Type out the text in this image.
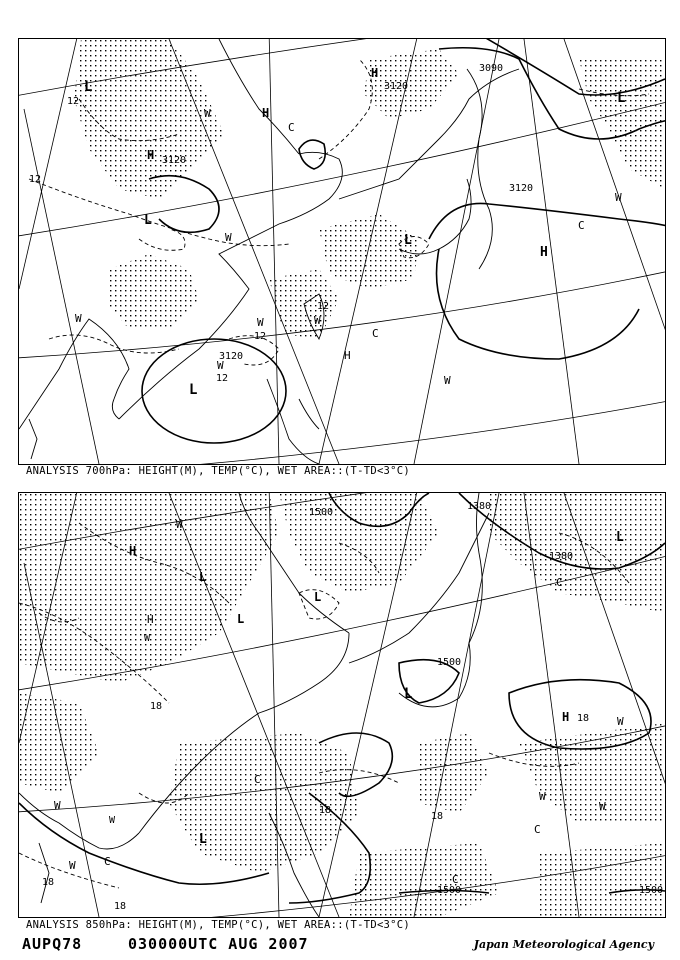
L
12
12
H 3120
W	H
C
H
3120
3120
3090
L
W
H
C
L
L
W
W	W
12
12
W
C
H
3120
W
12
L
W
ANALYSIS 700hPa: HEIGHT(M), TEMP(°C), WET AREA::(T-TD<3°C)
1500
1380
1380
L
C
W
H
L
L
H
W
L
L
1500
H 18	W
18
W
W
C
18
W
L
18
18
W
W
C
C
1500	1500
C
18
ANALYSIS 850hPa: HEIGHT(M), TEMP(°C), WET AREA::(T-TD<3°C)
AUPQ78	030000UTC AUG 2007	Japan Meteorological Agency
